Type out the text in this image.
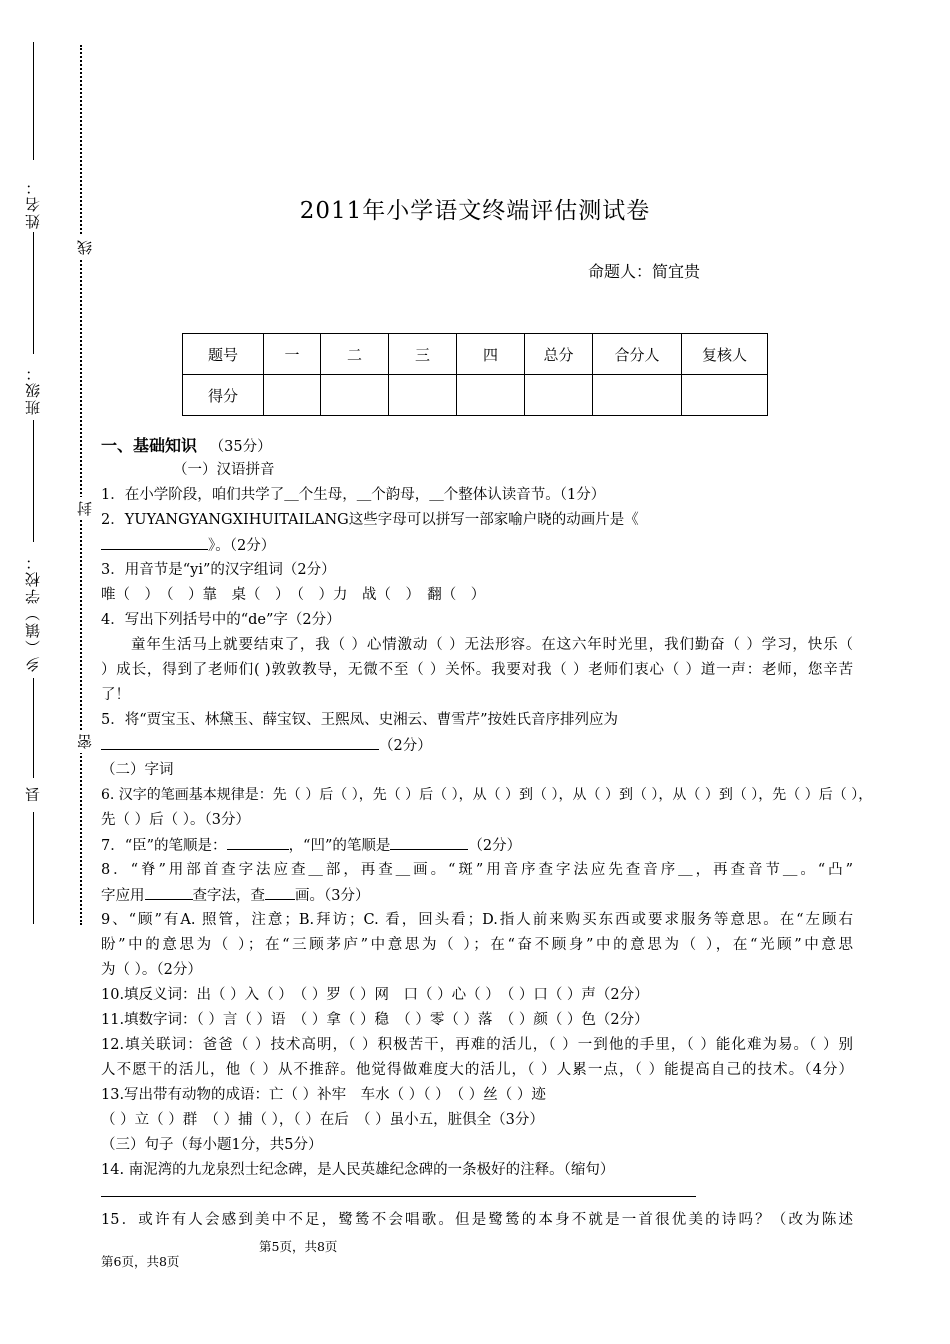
姓名：
班级：
乡（镇）学校：
县
线
封
密
2011年小学语文终端评估测试卷
命题人：简宜贵
题号	一	二	三	四	总分	合分人	复核人
得分							
一、基础知识 （35分）
（一）汉语拼音
1．在小学阶段，咱们共学了＿个生母，＿个韵母，＿个整体认读音节。（1分）
2．YUYANGYANGXIHUITAILANG这些字母可以拼写一部家喻户晓的动画片是《
》。（2分）
3．用音节是“yi”的汉字组词（2分）
唯（　）　（　）靠　桌（　）　（　）力　战（　）　翻（　）
4．写出下列括号中的“de”字（2分）
童年生活马上就要结束了，我（ ）心情激动（ ）无法形容。在这六年时光里，我们勤奋（ ）学习，快乐（
）成长，得到了老师们( )敦敦教导，无微不至（ ）关怀。我要对我（ ）老师们衷心（ ）道一声：老师，您辛苦
了！
5．将“贾宝玉、林黛玉、薛宝钗、王熙凤、史湘云、曹雪芹”按姓氏音序排列应为
（2分）
（二）字词
6. 汉字的笔画基本规律是：先（ ）后（ ），先（ ）后（ ），从（ ）到（ ），从（ ）到（ ），从（ ）到（ ），先（ ）后（ ），
先（ ）后（ ）。（3分）
7．“臣”的笔顺是：	，“凹”的笔顺是	（2分）
8．“脊”用部首查字法应查＿部，再查＿画。“斑”用音序查字法应先查音序＿，再查音节＿。“凸”
字应用	查字法，查 画。（3分）
9、“顾”有A. 照管，注意；B.拜访；C. 看，回头看；D.指人前来购买东西或要求服务等意思。在“左顾右
盼”中的意思为（ ）；在“三顾茅庐”中意思为（ ）；在“奋不顾身”中的意思为（ ），在“光顾”中意思
为（ ）。（2分）
10.填反义词：出（ ）入（ ）　（ ）罗（ ）网　口（ ）心（ ）　（ ）口（ ）声（2分）
11.填数字词：（ ）言（ ）语　（ ）拿（ ）稳　（ ）零（ ）落　（ ）颜（ ）色（2分）
12.填关联词：爸爸（ ）技术高明，（ ）积极苦干，再难的活儿，（ ）一到他的手里，（ ）能化难为易。（ ）别
人不愿干的活儿，他（ ）从不推辞。他觉得做难度大的活儿，（ ）人累一点，（ ）能提高自己的技术。（4分）
13.写出带有动物的成语：亡（ ）补牢　车水（ ）（ ）　（ ）丝（ ）迹
（ ）立（ ）群　（ ）捕（ ），（ ）在后　（ ）虽小五，脏俱全（3分）
（三）句子（每小题1分，共5分）
14. 南泥湾的九龙泉烈士纪念碑，是人民英雄纪念碑的一条极好的注释。（缩句）
15．或许有人会感到美中不足，鹭鸶不会唱歌。但是鹭鸶的本身不就是一首很优美的诗吗？（改为陈述
第5页，共8页
第6页，共8页
